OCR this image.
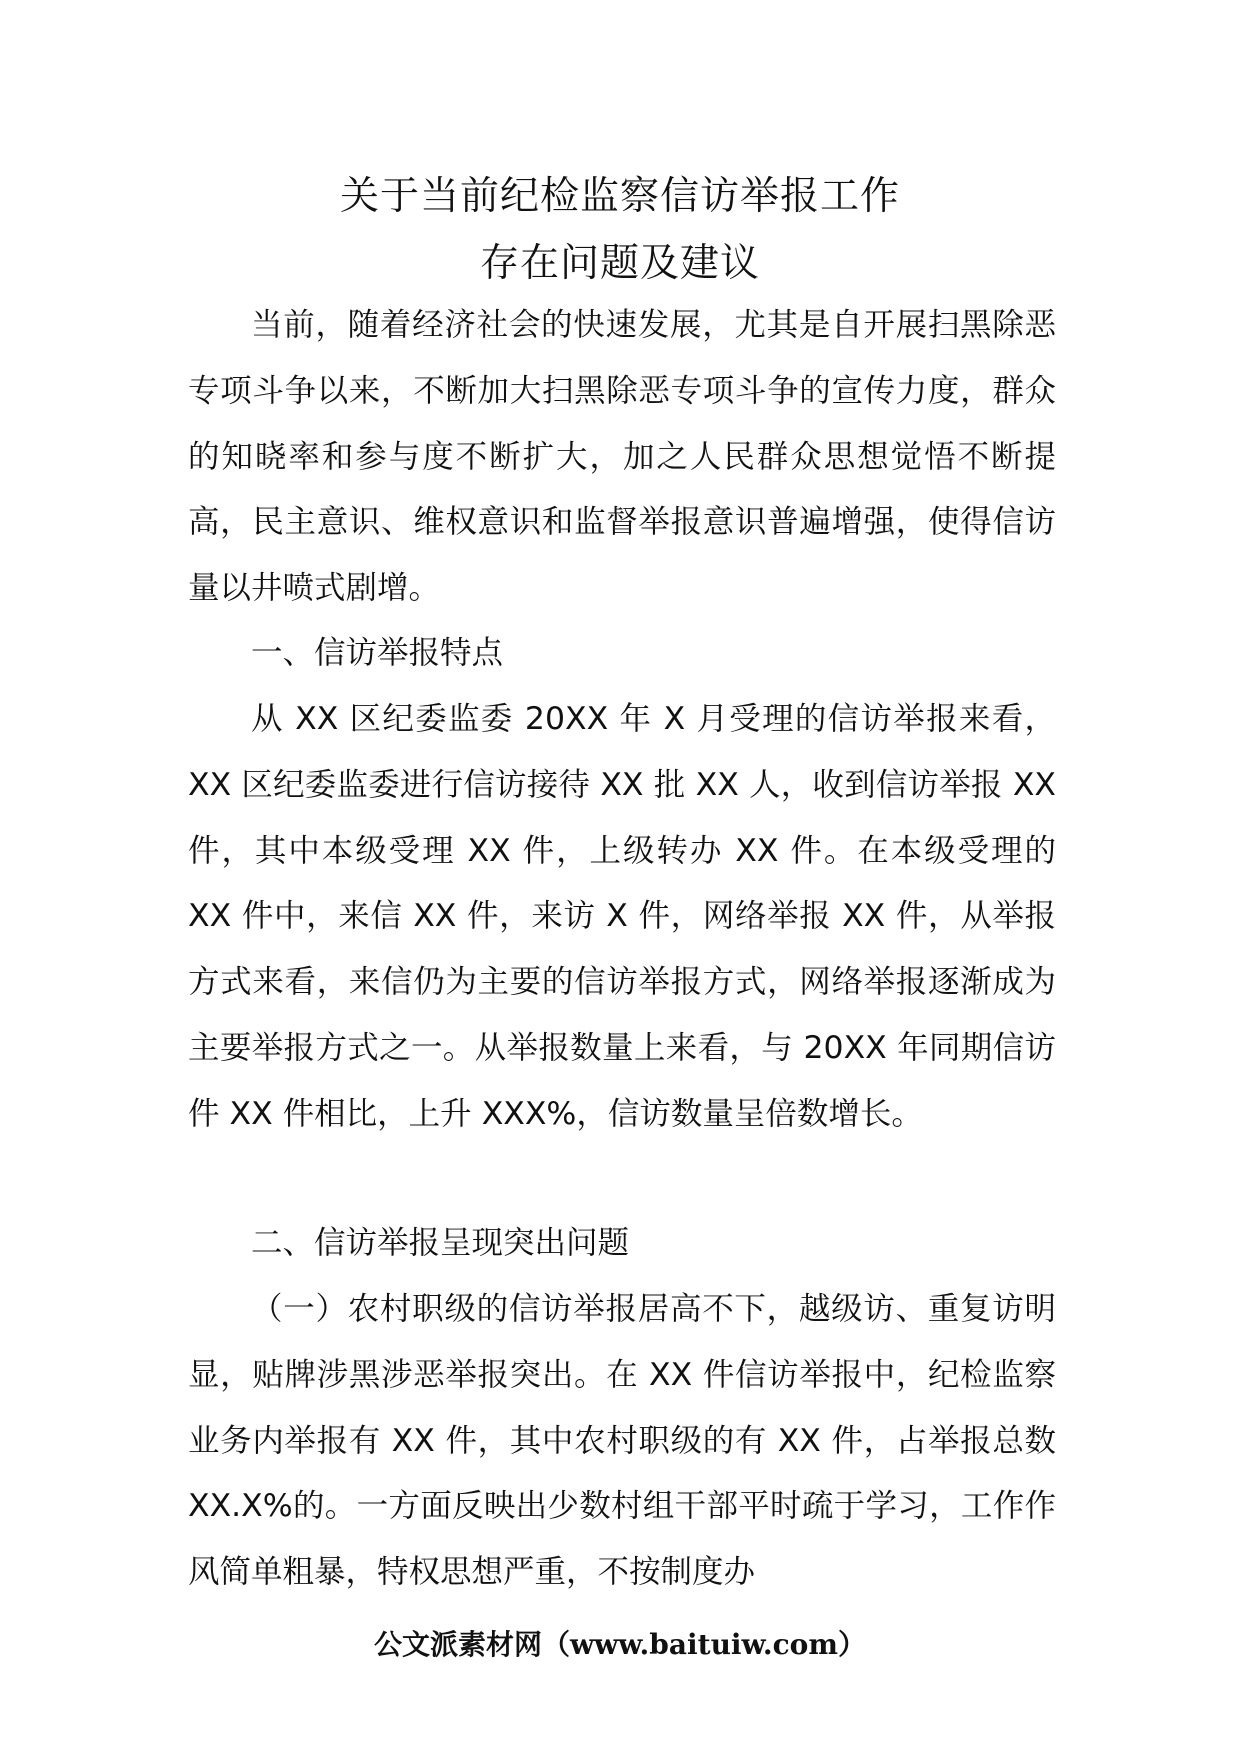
关于当前纪检监察信访举报工作
存在问题及建议

当前，随着经济社会的快速发展，尤其是自开展扫黑除恶专项斗争以来，不断加大扫黑除恶专项斗争的宣传力度，群众的知晓率和参与度不断扩大，加之人民群众思想觉悟不断提高，民主意识、维权意识和监督举报意识普遍增强，使得信访量以井喷式剧增。

一、信访举报特点

从 XX 区纪委监委 20XX 年 X 月受理的信访举报来看，XX 区纪委监委进行信访接待 XX 批 XX 人，收到信访举报 XX 件，其中本级受理 XX 件，上级转办 XX 件。在本级受理的 XX 件中，来信 XX 件，来访 X 件，网络举报 XX 件，从举报方式来看，来信仍为主要的信访举报方式，网络举报逐渐成为主要举报方式之一。从举报数量上来看，与 20XX 年同期信访件 XX 件相比，上升 XXX%，信访数量呈倍数增长。

二、信访举报呈现突出问题

（一）农村职级的信访举报居高不下，越级访、重复访明显，贴牌涉黑涉恶举报突出。在 XX 件信访举报中，纪检监察业务内举报有 XX 件，其中农村职级的有 XX 件，占举报总数 XX.X%的。一方面反映出少数村组干部平时疏于学习，工作作风简单粗暴，特权思想严重，不按制度办

公文派素材网（www.baituiw.com）
